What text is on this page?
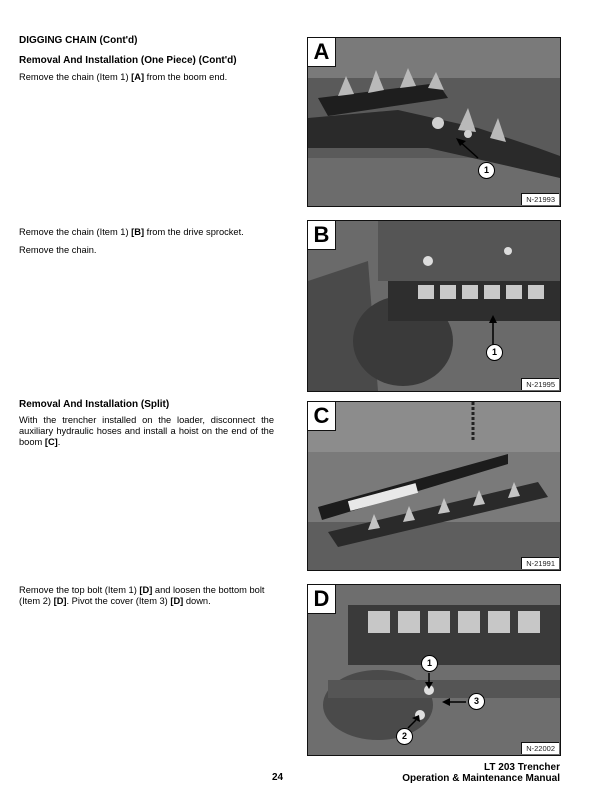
DIGGING CHAIN (Cont'd)
Removal And Installation (One Piece) (Cont'd)
Remove the chain (Item 1) [A] from the boom end.
Remove the chain (Item 1) [B] from the drive sprocket.
Remove the chain.
Removal And Installation (Split)
With the trencher installed on the loader, disconnect the auxiliary hydraulic hoses and install a hoist on the end of the boom [C].
Remove the top bolt (Item 1) [D] and loosen the bottom bolt (Item 2) [D]. Pivot the cover (Item 3) [D] down.
1
A
N-21993
1
B
N-21995
C
N-21991
1
3
2
D
N-22002
24
LT 203 Trencher
Operation & Maintenance Manual
